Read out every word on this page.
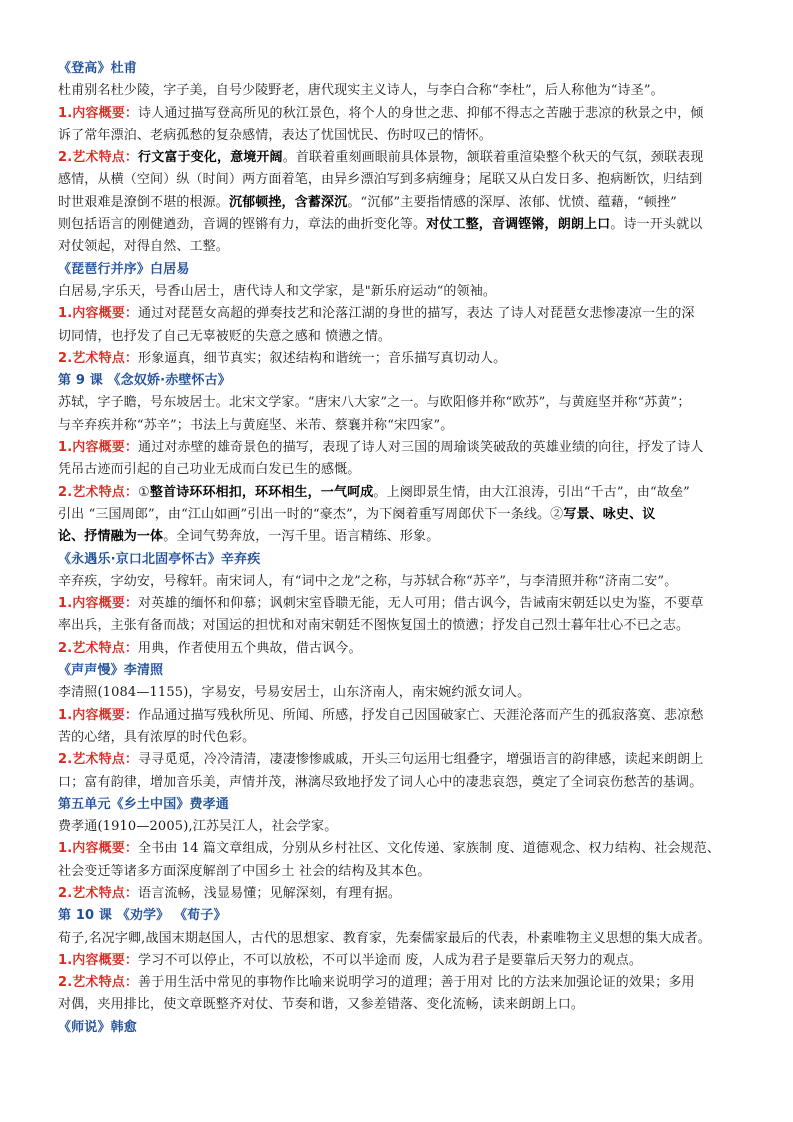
《登高》杜甫
杜甫别名杜少陵，字子美，自号少陵野老，唐代现实主义诗人，与李白合称“李杜”，后人称他为“诗圣”。
1.内容概要：诗人通过描写登高所见的秋江景色，将个人的身世之悲、抑郁不得志之苦融于悲凉的秋景之中，倾
诉了常年漂泊、老病孤愁的复杂感情，表达了忧国忧民、伤时叹己的情怀。
2.艺术特点：行文富于变化，意境开阔。首联着重刻画眼前具体景物，颔联着重渲染整个秋天的气氛，颈联表现
感情，从横（空间）纵（时间）两方面着笔，由异乡漂泊写到多病缠身；尾联又从白发日多、抱病断饮，归结到
时世艰难是潦倒不堪的根源。沉郁顿挫，含蓄深沉。“沉郁”主要指情感的深厚、浓郁、忧愤、蕴藉，“顿挫”
则包括语言的刚健遒劲，音调的铿锵有力，章法的曲折变化等。对仗工整，音调铿锵，朗朗上口。诗一开头就以
对仗领起，对得自然、工整。
《琵琶行并序》白居易
白居易,字乐天，号香山居士，唐代诗人和文学家，是"新乐府运动“的领袖。
1.内容概要：通过对琵琶女高超的弹奏技艺和沦落江湖的身世的描写，表达 了诗人对琵琶女悲惨凄凉一生的深
切同情，也抒发了自己无辜被贬的失意之感和 愤懑之情。
2.艺术特点：形象逼真，细节真实；叙述结构和谐统一；音乐描写真切动人。
第 9 课 《念奴娇·赤壁怀古》
苏轼，字子瞻，号东坡居士。北宋文学家。“唐宋八大家”之一。与欧阳修并称“欧苏”，与黄庭坚并称“苏黄”；
与辛弃疾并称“苏辛”；书法上与黄庭坚、米芾、蔡襄并称“宋四家”。
1.内容概要：通过对赤壁的雄奇景色的描写，表现了诗人对三国的周瑜谈笑破敌的英雄业绩的向往，抒发了诗人
凭吊古迹而引起的自己功业无成而白发已生的感慨。
2.艺术特点：①整首诗环环相扣，环环相生，一气呵成。上阕即景生情，由大江浪涛，引出“千古”，由“故垒”
引出 “三国周郎”，由“江山如画”引出一时的“豪杰”，为下阕着重写周郎伏下一条线。②写景、咏史、议
论、抒情融为一体。全词气势奔放，一泻千里。语言精练、形象。
《永遇乐·京口北固亭怀古》辛弃疾
辛弃疾，字幼安，号稼轩。南宋词人，有“词中之龙”之称，与苏轼合称“苏辛”，与李清照并称“济南二安”。
1.内容概要：对英雄的缅怀和仰慕；讽刺宋室昏聩无能，无人可用；借古讽今，告诫南宋朝廷以史为鉴，不要草
率出兵，主张有备而战；对国运的担忧和对南宋朝廷不图恢复国土的愤懑；抒发自己烈士暮年壮心不已之志。
2.艺术特点：用典，作者使用五个典故，借古讽今。
《声声慢》李清照
李清照(1084—1155)，字易安，号易安居士，山东济南人，南宋婉约派女词人。
1.内容概要：作品通过描写残秋所见、所闻、所感，抒发自己因国破家亡、天涯沦落而产生的孤寂落寞、悲凉愁
苦的心绪，具有浓厚的时代色彩。
2.艺术特点：寻寻觅觅，冷冷清清，凄凄惨惨戚戚，开头三句运用七组叠字，增强语言的韵律感，读起来朗朗上
口；富有韵律，增加音乐美，声情并茂，淋漓尽致地抒发了词人心中的凄悲哀怨，奠定了全词哀伤愁苦的基调。
第五单元《乡土中国》费孝通
费孝通(1910—2005),江苏吴江人，社会学家。
1.内容概要：全书由 14 篇文章组成，分别从乡村社区、文化传递、家族制 度、道德观念、权力结构、社会规范、
社会变迁等诸多方面深度解剖了中国乡土 社会的结构及其本色。
2.艺术特点：语言流畅，浅显易懂；见解深刻，有理有据。
第 10 课 《劝学》 《荀子》
荀子,名况字卿,战国末期赵国人，古代的思想家、教育家，先秦儒家最后的代表，朴素唯物主义思想的集大成者。
1.内容概要：学习不可以停止，不可以放松，不可以半途而 废，人成为君子是要靠后天努力的观点。
2.艺术特点：善于用生活中常见的事物作比喻来说明学习的道理；善于用对 比的方法来加强论证的效果；多用
对偶，夹用排比，使文章既整齐对仗、节奏和谐，又参差错落、变化流畅，读来朗朗上口。
《师说》韩愈
